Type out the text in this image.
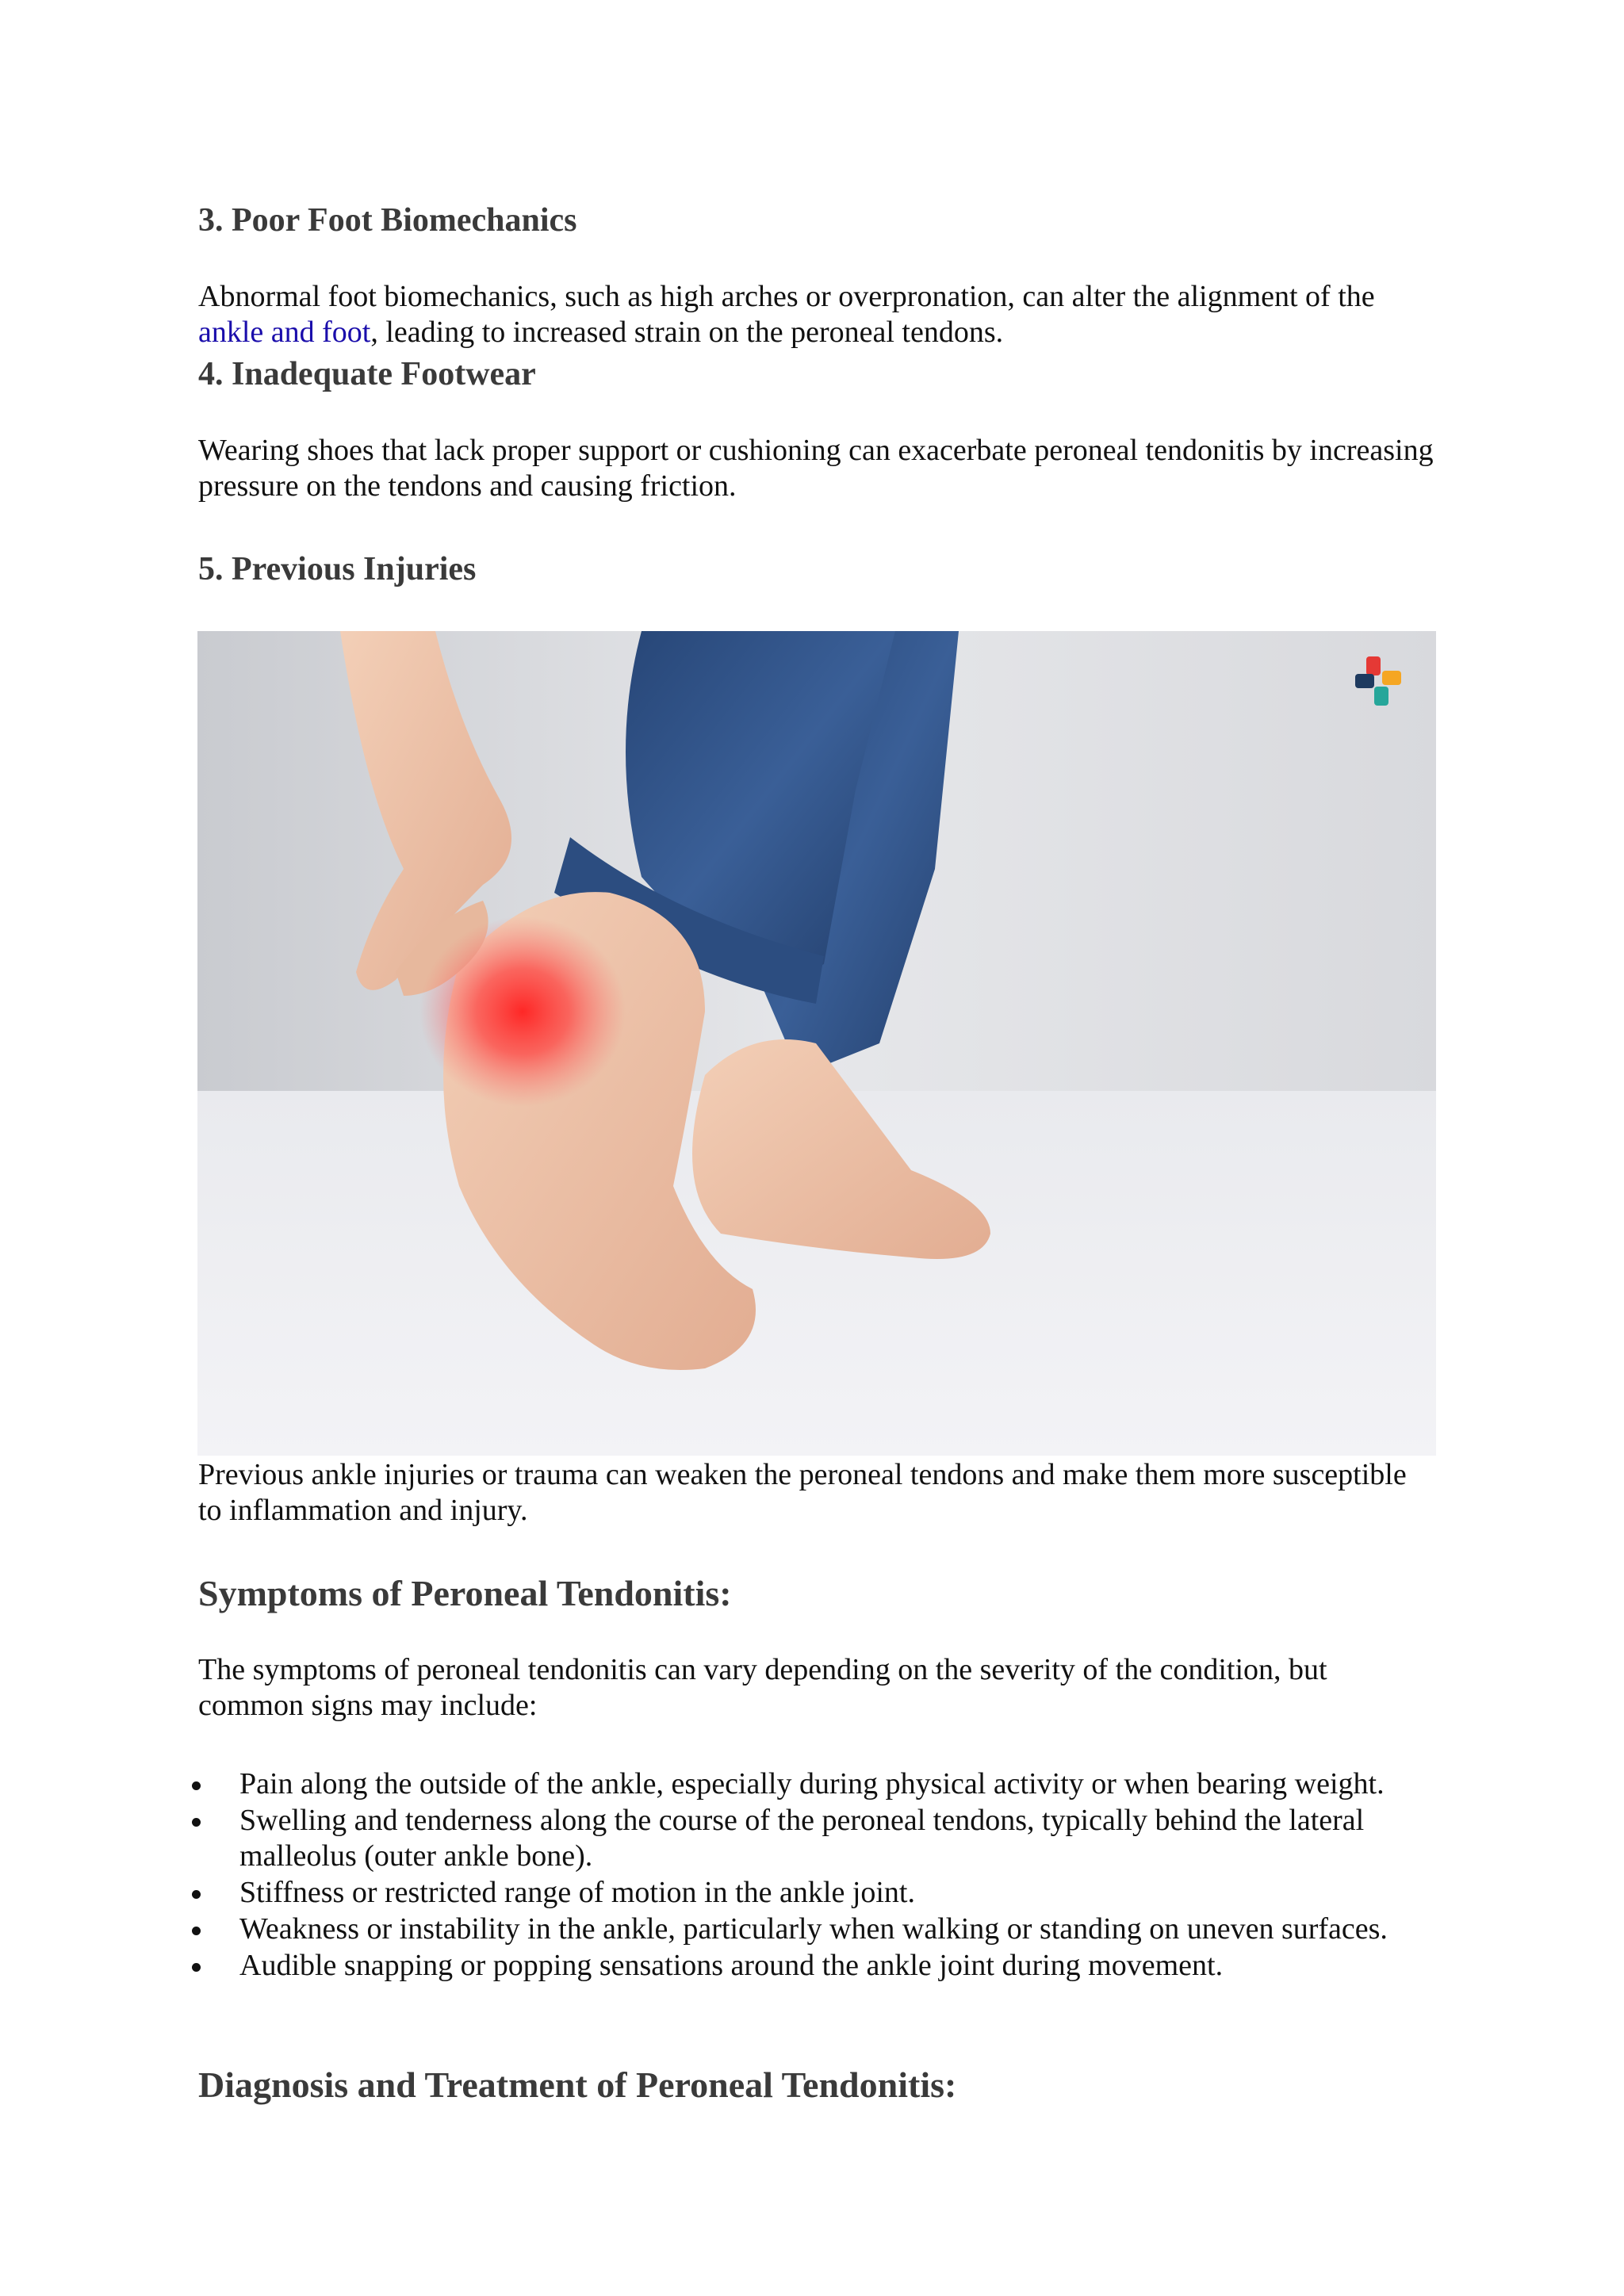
3. Poor Foot Biomechanics

Abnormal foot biomechanics, such as high arches or overpronation, can alter the alignment of the ankle and foot, leading to increased strain on the peroneal tendons.

4. Inadequate Footwear

Wearing shoes that lack proper support or cushioning can exacerbate peroneal tendonitis by increasing pressure on the tendons and causing friction.

5. Previous Injuries

Previous ankle injuries or trauma can weaken the peroneal tendons and make them more susceptible to inflammation and injury.

Symptoms of Peroneal Tendonitis:

The symptoms of peroneal tendonitis can vary depending on the severity of the condition, but common signs may include:

Pain along the outside of the ankle, especially during physical activity or when bearing weight.
Swelling and tenderness along the course of the peroneal tendons, typically behind the lateral malleolus (outer ankle bone).
Stiffness or restricted range of motion in the ankle joint.
Weakness or instability in the ankle, particularly when walking or standing on uneven surfaces.
Audible snapping or popping sensations around the ankle joint during movement.
Diagnosis and Treatment of Peroneal Tendonitis:
